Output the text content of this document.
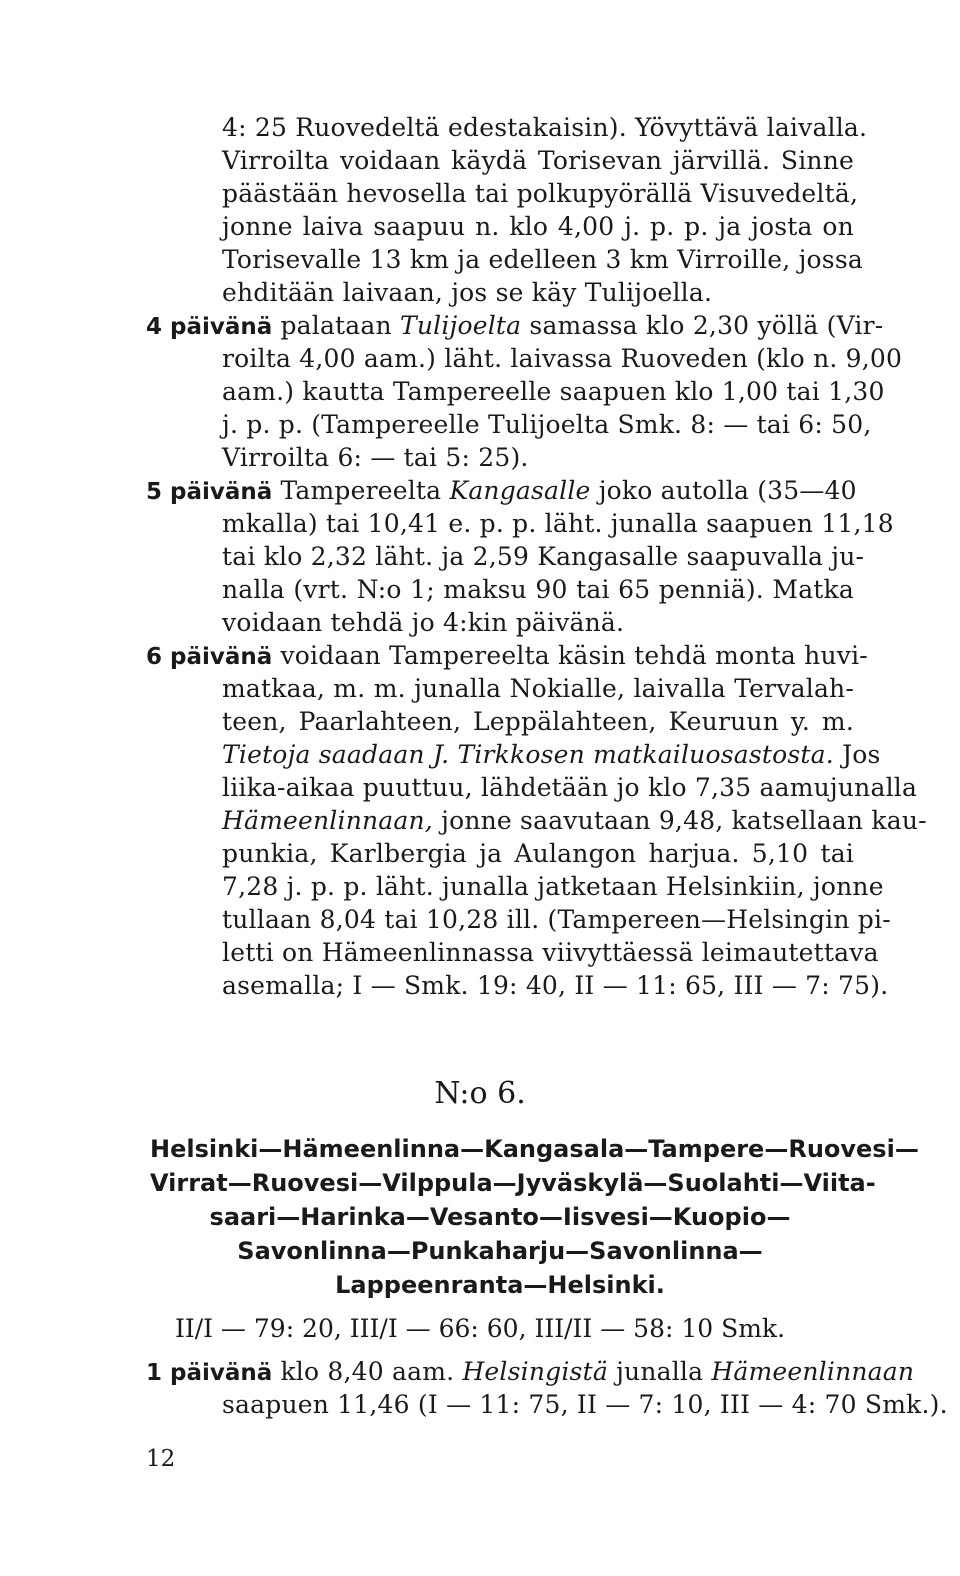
4: 25 Ruovedeltä edestakaisin). Yövyttävä laivalla.
Virroilta voidaan käydä Torisevan järvillä. Sinne
päästään hevosella tai polkupyörällä Visuvedeltä,
jonne laiva saapuu n. klo 4,00 j. p. p. ja josta on
Torisevalle 13 km ja edelleen 3 km Virroille, jossa
ehditään laivaan, jos se käy Tulijoella.
4 päivänä palataan Tulijoelta samassa klo 2,30 yöllä (Vir-
roilta 4,00 aam.) läht. laivassa Ruoveden (klo n. 9,00
aam.) kautta Tampereelle saapuen klo 1,00 tai 1,30
j. p. p. (Tampereelle Tulijoelta Smk. 8: — tai 6: 50,
Virroilta 6: — tai 5: 25).
5 päivänä Tampereelta Kangasalle joko autolla (35—40
mkalla) tai 10,41 e. p. p. läht. junalla saapuen 11,18
tai klo 2,32 läht. ja 2,59 Kangasalle saapuvalla ju-
nalla (vrt. N:o 1; maksu 90 tai 65 penniä). Matka
voidaan tehdä jo 4:kin päivänä.
6 päivänä voidaan Tampereelta käsin tehdä monta huvi-
matkaa, m. m. junalla Nokialle, laivalla Tervalah-
teen, Paarlahteen, Leppälahteen, Keuruun y. m.
Tietoja saadaan J. Tirkkosen matkailuosastosta. Jos
liika-aikaa puuttuu, lähdetään jo klo 7,35 aamujunalla
Hämeenlinnaan, jonne saavutaan 9,48, katsellaan kau-
punkia, Karlbergia ja Aulangon harjua. 5,10 tai
7,28 j. p. p. läht. junalla jatketaan Helsinkiin, jonne
tullaan 8,04 tai 10,28 ill. (Tampereen—Helsingin pi-
letti on Hämeenlinnassa viivyttäessä leimautettava
asemalla; I — Smk. 19: 40, II — 11: 65, III — 7: 75).
N:o 6.
Helsinki—Hämeenlinna—Kangasala—Tampere—Ruovesi—
Virrat—Ruovesi—Vilppula—Jyväskylä—Suolahti—Viita-
saari—Harinka—Vesanto—Iisvesi—Kuopio—
Savonlinna—Punkaharju—Savonlinna—
Lappeenranta—Helsinki.
II/I — 79: 20, III/I — 66: 60, III/II — 58: 10 Smk.
1 päivänä klo 8,40 aam. Helsingistä junalla Hämeenlinnaan
saapuen 11,46 (I — 11: 75, II — 7: 10, III — 4: 70 Smk.).
12
